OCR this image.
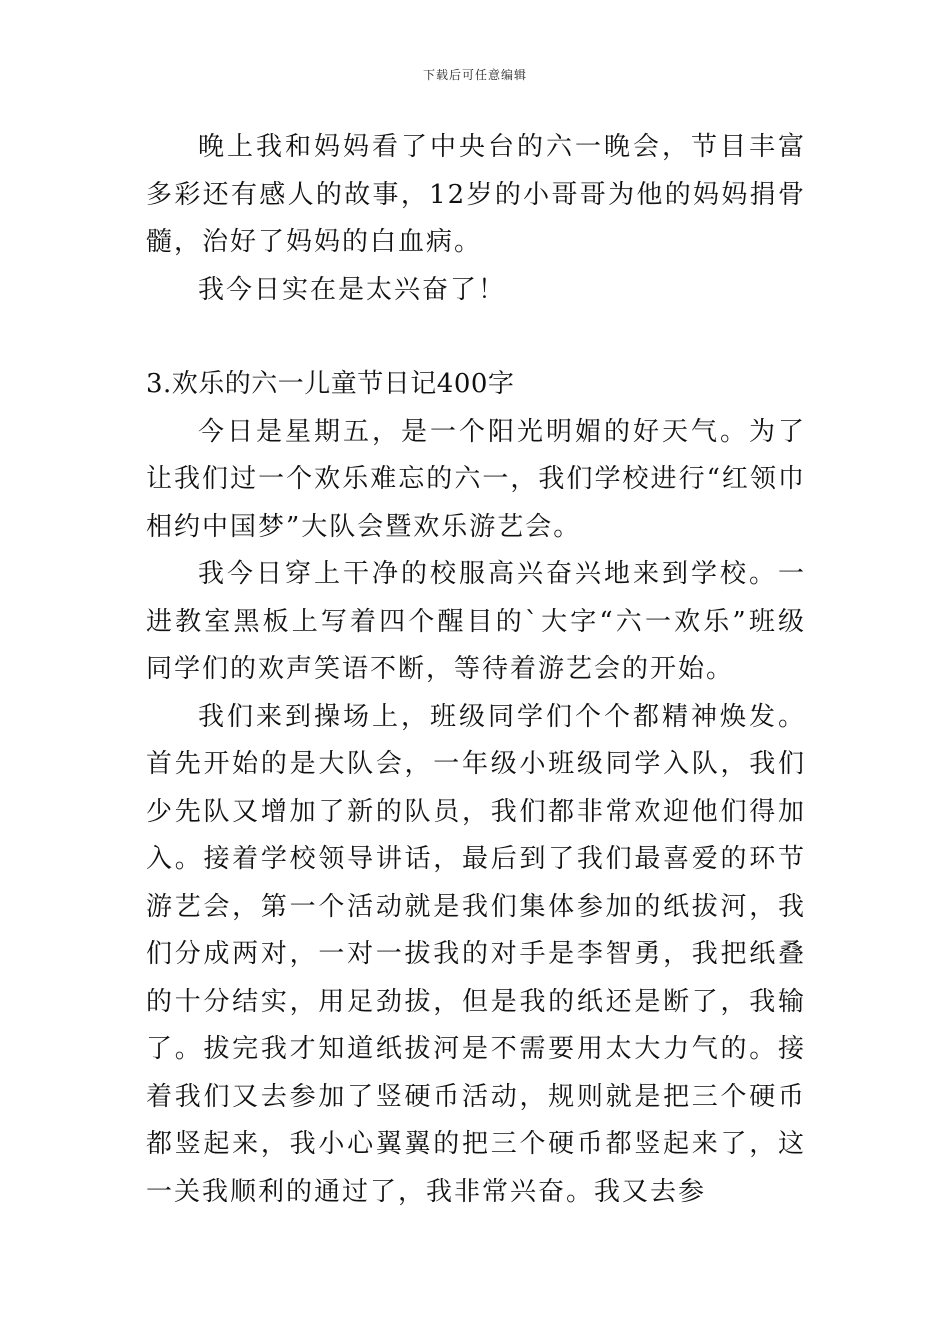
下载后可任意编辑

晚上我和妈妈看了中央台的六一晚会，节目丰富多彩还有感人的故事，12岁的小哥哥为他的妈妈捐骨髓，治好了妈妈的白血病。

我今日实在是太兴奋了！

3.欢乐的六一儿童节日记400字

今日是星期五，是一个阳光明媚的好天气。为了让我们过一个欢乐难忘的六一，我们学校进行“红领巾相约中国梦”大队会暨欢乐游艺会。

我今日穿上干净的校服高兴奋兴地来到学校。一进教室黑板上写着四个醒目的`大字“六一欢乐”班级同学们的欢声笑语不断，等待着游艺会的开始。

我们来到操场上，班级同学们个个都精神焕发。首先开始的是大队会，一年级小班级同学入队，我们少先队又增加了新的队员，我们都非常欢迎他们得加入。接着学校领导讲话，最后到了我们最喜爱的环节游艺会，第一个活动就是我们集体参加的纸拔河，我们分成两对，一对一拔我的对手是李智勇，我把纸叠的十分结实，用足劲拔，但是我的纸还是断了，我输了。拔完我才知道纸拔河是不需要用太大力气的。接着我们又去参加了竖硬币活动，规则就是把三个硬币都竖起来，我小心翼翼的把三个硬币都竖起来了，这一关我顺利的通过了，我非常兴奋。我又去参
